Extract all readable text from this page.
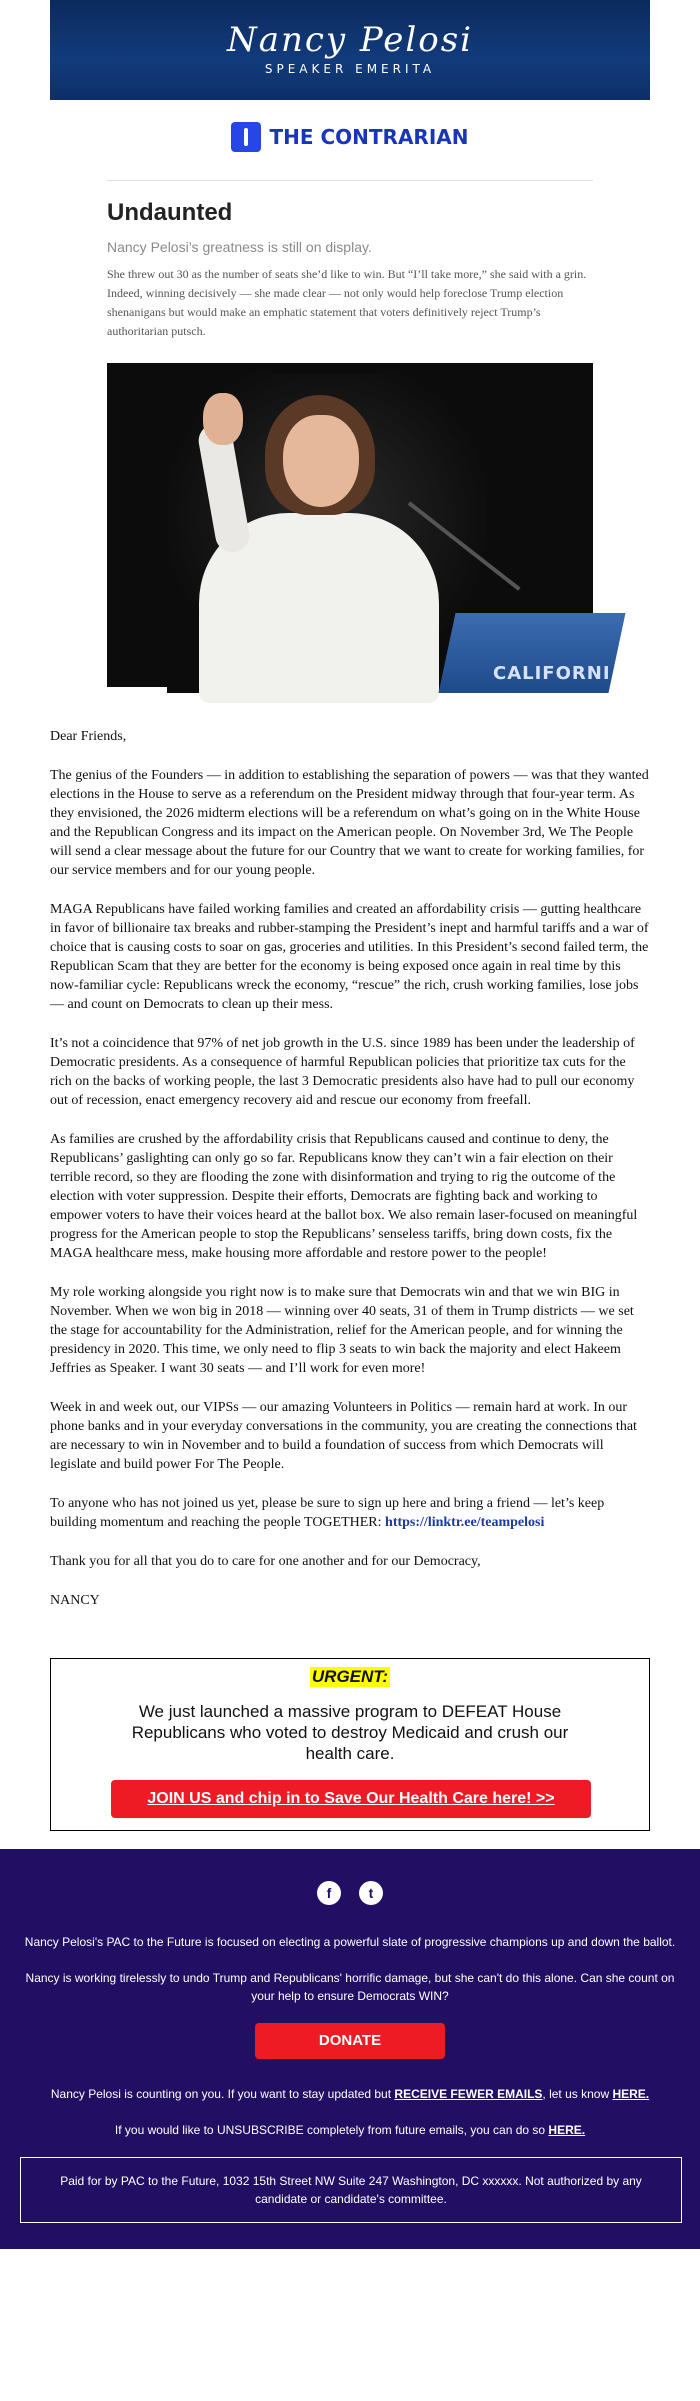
Nancy Pelosi
SPEAKER EMERITA
THE CONTRARIAN
Undaunted
Nancy Pelosi’s greatness is still on display.
She threw out 30 as the number of seats she’d like to win. But “I’ll take more,” she said with a grin. Indeed, winning decisively — she made clear — not only would help foreclose Trump election shenanigans but would make an emphatic statement that voters definitively reject Trump’s authoritarian putsch.
CALIFORNI

Dear Friends,

The genius of the Founders — in addition to establishing the separation of powers — was that they wanted elections in the House to serve as a referendum on the President midway through that four-year term. As they envisioned, the 2026 midterm elections will be a referendum on what’s going on in the White House and the Republican Congress and its impact on the American people. On November 3rd, We The People will send a clear message about the future for our Country that we want to create for working families, for our service members and for our young people.

MAGA Republicans have failed working families and created an affordability crisis — gutting healthcare in favor of billionaire tax breaks and rubber-stamping the President’s inept and harmful tariffs and a war of choice that is causing costs to soar on gas, groceries and utilities. In this President’s second failed term, the Republican Scam that they are better for the economy is being exposed once again in real time by this now-familiar cycle: Republicans wreck the economy, “rescue” the rich, crush working families, lose jobs — and count on Democrats to clean up their mess.

It’s not a coincidence that 97% of net job growth in the U.S. since 1989 has been under the leadership of Democratic presidents. As a consequence of harmful Republican policies that prioritize tax cuts for the rich on the backs of working people, the last 3 Democratic presidents also have had to pull our economy out of recession, enact emergency recovery aid and rescue our economy from freefall.

As families are crushed by the affordability crisis that Republicans caused and continue to deny, the Republicans’ gaslighting can only go so far. Republicans know they can’t win a fair election on their terrible record, so they are flooding the zone with disinformation and trying to rig the outcome of the election with voter suppression. Despite their efforts, Democrats are fighting back and working to empower voters to have their voices heard at the ballot box. We also remain laser-focused on meaningful progress for the American people to stop the Republicans’ senseless tariffs, bring down costs, fix the MAGA healthcare mess, make housing more affordable and restore power to the people!

My role working alongside you right now is to make sure that Democrats win and that we win BIG in November. When we won big in 2018 — winning over 40 seats, 31 of them in Trump districts — we set the stage for accountability for the Administration, relief for the American people, and for winning the presidency in 2020. This time, we only need to flip 3 seats to win back the majority and elect Hakeem Jeffries as Speaker. I want 30 seats — and I’ll work for even more!

Week in and week out, our VIPSs — our amazing Volunteers in Politics — remain hard at work. In our phone banks and in your everyday conversations in the community, you are creating the connections that are necessary to win in November and to build a foundation of success from which Democrats will legislate and build power For The People.

To anyone who has not joined us yet, please be sure to sign up here and bring a friend — let’s keep building momentum and reaching the people TOGETHER: https://linktr.ee/teampelosi

Thank you for all that you do to care for one another and for our Democracy,

NANCY

URGENT:
We just launched a massive program to DEFEAT House Republicans who voted to destroy Medicaid and crush our health care.
JOIN US and chip in to Save Our Health Care here! >>
f	t

Nancy Pelosi's PAC to the Future is focused on electing a powerful slate of progressive champions up and down the ballot.

Nancy is working tirelessly to undo Trump and Republicans' horrific damage, but she can't do this alone. Can she count on your help to ensure Democrats WIN?

DONATE

Nancy Pelosi is counting on you. If you want to stay updated but RECEIVE FEWER EMAILS, let us know HERE.

If you would like to UNSUBSCRIBE completely from future emails, you can do so HERE.

Paid for by PAC to the Future, 1032 15th Street NW Suite 247 Washington, DC xxxxxx. Not authorized by any candidate or candidate's committee.
